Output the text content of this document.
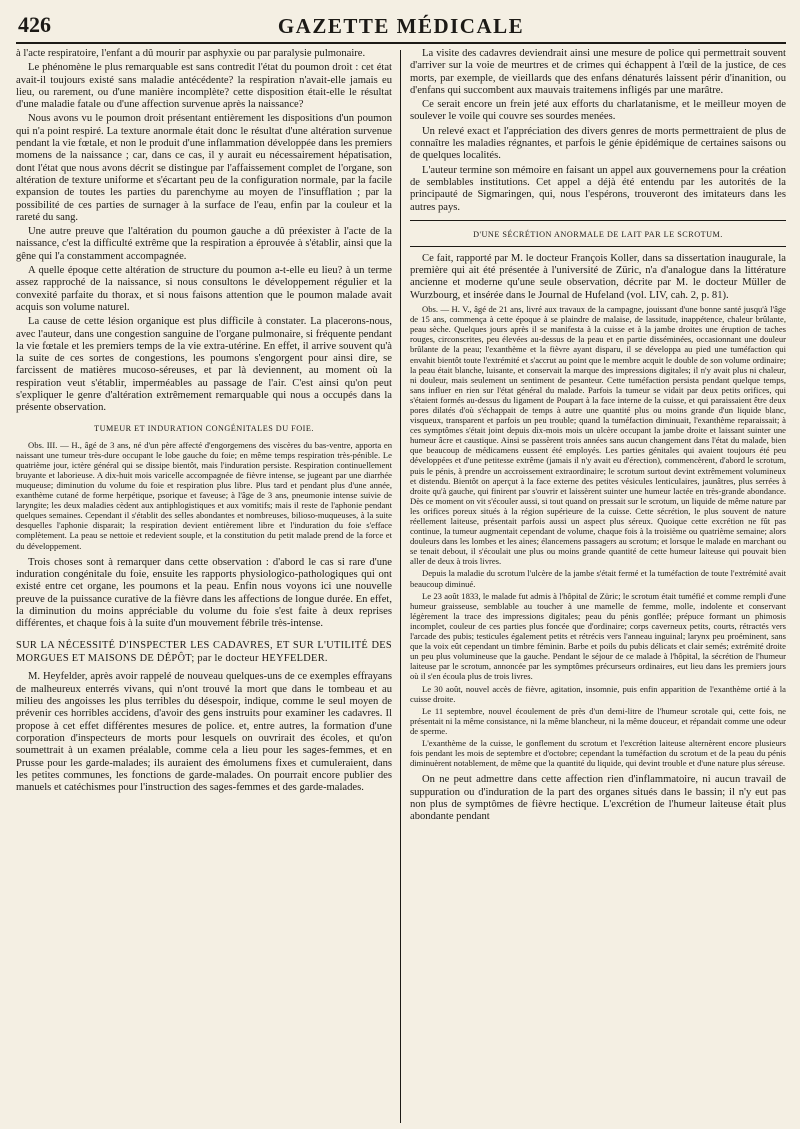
426	GAZETTE MÉDICALE

à l'acte respiratoire, l'enfant a dû mourir par asphyxie ou par paralysie pulmonaire.

Le phénomène le plus remarquable est sans contredit l'état du poumon droit : cet état avait-il toujours existé sans maladie antécédente? la respiration n'avait-elle jamais eu lieu, ou rarement, ou d'une manière incomplète? cette disposition était-elle le résultat d'une maladie fatale ou d'une affection survenue après la naissance?

Nous avons vu le poumon droit présentant entièrement les dispositions d'un poumon qui n'a point respiré. La texture anormale était donc le résultat d'une altération survenue pendant la vie fœtale, et non le produit d'une inflammation développée dans les premiers momens de la naissance ; car, dans ce cas, il y aurait eu nécessairement hépatisation, dont l'état que nous avons décrit se distingue par l'affaissement complet de l'organe, son altération de texture uniforme et s'écartant peu de la configuration normale, par la facile expansion de toutes les parties du parenchyme au moyen de l'insufflation ; par la possibilité de ces parties de surnager à la surface de l'eau, enfin par la couleur et la rareté du sang.

Une autre preuve que l'altération du poumon gauche a dû préexister à l'acte de la naissance, c'est la difficulté extrême que la respiration a éprouvée à s'établir, ainsi que la gêne qui l'a constamment accompagnée.

A quelle époque cette altération de structure du poumon a-t-elle eu lieu? à un terme assez rapproché de la naissance, si nous consultons le développement régulier et la convexité parfaite du thorax, et si nous faisons attention que le poumon malade avait acquis son volume naturel.

La cause de cette lésion organique est plus difficile à constater. La placerons-nous, avec l'auteur, dans une congestion sanguine de l'organe pulmonaire, si fréquente pendant la vie fœtale et les premiers temps de la vie extra-utérine. En effet, il arrive souvent qu'à la suite de ces sortes de congestions, les poumons s'engorgent pour ainsi dire, se farcissent de matières mucoso-séreuses, et par là deviennent, au moment où la respiration veut s'établir, imperméables au passage de l'air. C'est ainsi qu'on peut s'expliquer le genre d'altération extrêmement remarquable qui nous a occupés dans la présente observation.

TUMEUR ET INDURATION CONGÉNITALES DU FOIE.

Obs. III. — H., âgé de 3 ans, né d'un père affecté d'engorgemens des viscères du bas-ventre, apporta en naissant une tumeur très-dure occupant le lobe gauche du foie; en même temps respiration très-pénible. Le quatrième jour, ictère général qui se dissipe bientôt, mais l'induration persiste. Respiration continuellement bruyante et laborieuse. A dix-huit mois varicelle accompagnée de fièvre intense, se jugeant par une diarrhée muqueuse; diminution du volume du foie et respiration plus libre. Plus tard et pendant plus d'une année, exanthème cutané de forme herpétique, psorique et faveuse; à l'âge de 3 ans, pneumonie intense suivie de laryngite; les deux maladies cèdent aux antiphlogistiques et aux vomitifs; mais il reste de l'aphonie pendant quelques semaines. Cependant il s'établit des selles abondantes et nombreuses, bilioso-muqueuses, à la suite desquelles l'aphonie disparait; la respiration devient entièrement libre et l'induration du foie s'efface complètement. La peau se nettoie et redevient souple, et la constitution du petit malade prend de la force et du développement.

Trois choses sont à remarquer dans cette observation : d'abord le cas si rare d'une induration congénitale du foie, ensuite les rapports physiologico-pathologiques qui ont existé entre cet organe, les poumons et la peau. Enfin nous voyons ici une nouvelle preuve de la puissance curative de la fièvre dans les affections de longue durée. En effet, la diminution du moins appréciable du volume du foie s'est faite à deux reprises différentes, et chaque fois à la suite d'un mouvement fébrile très-intense.

SUR LA NÉCESSITÉ D'INSPECTER LES CADAVRES, ET SUR L'UTILITÉ DES MORGUES ET MAISONS DE DÉPÔT; par le docteur HEYFELDER.

M. Heyfelder, après avoir rappelé de nouveau quelques-uns de ce exemples effrayans de malheureux enterrés vivans, qui n'ont trouvé la mort que dans le tombeau et au milieu des angoisses les plus terribles du désespoir, indique, comme le seul moyen de prévenir ces horribles accidens, d'avoir des gens instruits pour examiner les cadavres. Il propose à cet effet différentes mesures de police. et, entre autres, la formation d'une corporation d'inspecteurs de morts pour lesquels on ouvrirait des écoles, et qu'on soumettrait à un examen préalable, comme cela a lieu pour les sages-femmes, et en Prusse pour les garde-malades; ils auraient des émolumens fixes et cumuleraient, dans les petites communes, les fonctions de garde-malades. On pourrait encore publier des manuels et catéchismes pour l'instruction des sages-femmes et des garde-malades.

La visite des cadavres deviendrait ainsi une mesure de police qui permettrait souvent d'arriver sur la voie de meurtres et de crimes qui échappent à l'œil de la justice, de ces morts, par exemple, de vieillards que des enfans dénaturés laissent périr d'inanition, ou d'enfans qui succombent aux mauvais traitemens infligés par une marâtre.

Ce serait encore un frein jeté aux efforts du charlatanisme, et le meilleur moyen de soulever le voile qui couvre ses sourdes menées.

Un relevé exact et l'appréciation des divers genres de morts permettraient de plus de connaître les maladies régnantes, et parfois le génie épidémique de certaines saisons ou de quelques localités.

L'auteur termine son mémoire en faisant un appel aux gouvernemens pour la création de semblables institutions. Cet appel a déjà été entendu par les autorités de la principauté de Sigmaringen, qui, nous l'espérons, trouveront des imitateurs dans les autres pays.

D'UNE SÉCRÉTION ANORMALE DE LAIT PAR LE SCROTUM.

Ce fait, rapporté par M. le docteur François Koller, dans sa dissertation inaugurale, la première qui ait été présentée à l'université de Züric, n'a d'analogue dans la littérature ancienne et moderne qu'une seule observation, décrite par M. le docteur Müller de Wurzbourg, et insérée dans le Journal de Hufeland (vol. LIV, cah. 2, p. 81).

Obs. — H. V., âgé de 21 ans, livré aux travaux de la campagne, jouissant d'une bonne santé jusqu'à l'âge de 15 ans, commença à cette époque à se plaindre de malaise, de lassitude, inappétence, chaleur brûlante, peau sèche. Quelques jours après il se manifesta à la cuisse et à la jambe droites une éruption de taches rouges, circonscrites, peu élevées au-dessus de la peau et en partie disséminées, occasionnant une douleur brûlante de la peau; l'exanthème et la fièvre ayant disparu, il se développa au pied une tuméfaction qui envahit bientôt toute l'extrémité et s'accrut au point que le membre acquit le double de son volume ordinaire; la peau était blanche, luisante, et conservait la marque des impressions digitales; il n'y avait plus ni chaleur, ni douleur, mais seulement un sentiment de pesanteur. Cette tuméfaction persista pendant quelque temps, sans influer en rien sur l'état général du malade. Parfois la tumeur se vidait par deux petits orifices, qui s'étaient formés au-dessus du ligament de Poupart à la face interne de la cuisse, et qui paraissaient être deux pores dilatés d'où s'échappait de temps à autre une quantité plus ou moins grande d'un liquide blanc, visqueux, transparent et parfois un peu trouble; quand la tuméfaction diminuait, l'exanthème reparaissait; à ces symptômes s'était joint depuis dix-mois mois un ulcère occupant la jambe droite et laissant suinter une humeur âcre et caustique. Ainsi se passèrent trois années sans aucun changement dans l'état du malade, bien que beaucoup de médicamens eussent été employés. Les parties génitales qui avaient toujours été peu développées et d'une petitesse extrême (jamais il n'y avait eu d'érection), commencèrent, d'abord le scrotum, puis le pénis, à prendre un accroissement extraordinaire; le scrotum surtout devint extrêmement volumineux et distendu. Bientôt on aperçut à la face externe des petites vésicules lenticulaires, jaunâtres, plus serrées à droite qu'à gauche, qui finirent par s'ouvrir et laissèrent suinter une humeur lactée en très-grande abondance. Dès ce moment on vit s'écouler aussi, si tout quand on pressait sur le scrotum, un liquide de même nature par les orifices poreux situés à la région supérieure de la cuisse. Cette sécrétion, le plus souvent de nature réellement laiteuse, présentait parfois aussi un aspect plus séreux. Quoique cette excrétion ne fût pas continue, la tumeur augmentait cependant de volume, chaque fois à la troisième ou quatrième semaine; alors douleurs dans les lombes et les aines; élancemens passagers au scrotum; et lorsque le malade en marchant ou se tenait debout, il s'écoulait une plus ou moins grande quantité de cette humeur laiteuse qui pouvait bien aller de deux à trois livres.

Depuis la maladie du scrotum l'ulcère de la jambe s'était fermé et la tuméfaction de toute l'extrémité avait beaucoup diminué.

Le 23 août 1833, le malade fut admis à l'hôpital de Züric; le scrotum était tuméfié et comme rempli d'une humeur graisseuse, semblable au toucher à une mamelle de femme, molle, indolente et conservant légèrement la trace des impressions digitales; peau du pénis gonflée; prépuce formant un phimosis incomplet, couleur de ces parties plus foncée que d'ordinaire; corps caverneux petits, courts, rétractés vers l'arcade des pubis; testicules également petits et rétrécis vers l'anneau inguinal; larynx peu proéminent, sans que la voix eût cependant un timbre féminin. Barbe et poils du pubis délicats et clair semés; extrémité droite un peu plus volumineuse que la gauche. Pendant le séjour de ce malade à l'hôpital, la sécrétion de l'humeur laiteuse par le scrotum, annoncée par les symptômes précurseurs ordinaires, eut lieu dans les premiers jours où il s'en écoula plus de trois livres.

Le 30 août, nouvel accès de fièvre, agitation, insomnie, puis enfin apparition de l'exanthème ortié à la cuisse droite.

Le 11 septembre, nouvel écoulement de près d'un demi-litre de l'humeur scrotale qui, cette fois, ne présentait ni la même consistance, ni la même blancheur, ni la même douceur, et répandait comme une odeur de sperme.

L'exanthème de la cuisse, le gonflement du scrotum et l'excrétion laiteuse alternèrent encore plusieurs fois pendant les mois de septembre et d'octobre; cependant la tuméfaction du scrotum et de la peau du pénis diminuèrent notablement, de même que la quantité du liquide, qui devint trouble et d'une nature plus séreuse.

On ne peut admettre dans cette affection rien d'inflammatoire, ni aucun travail de suppuration ou d'induration de la part des organes situés dans le bassin; il n'y eut pas non plus de symptômes de fièvre hectique. L'excrétion de l'humeur laiteuse était plus abondante pendant
